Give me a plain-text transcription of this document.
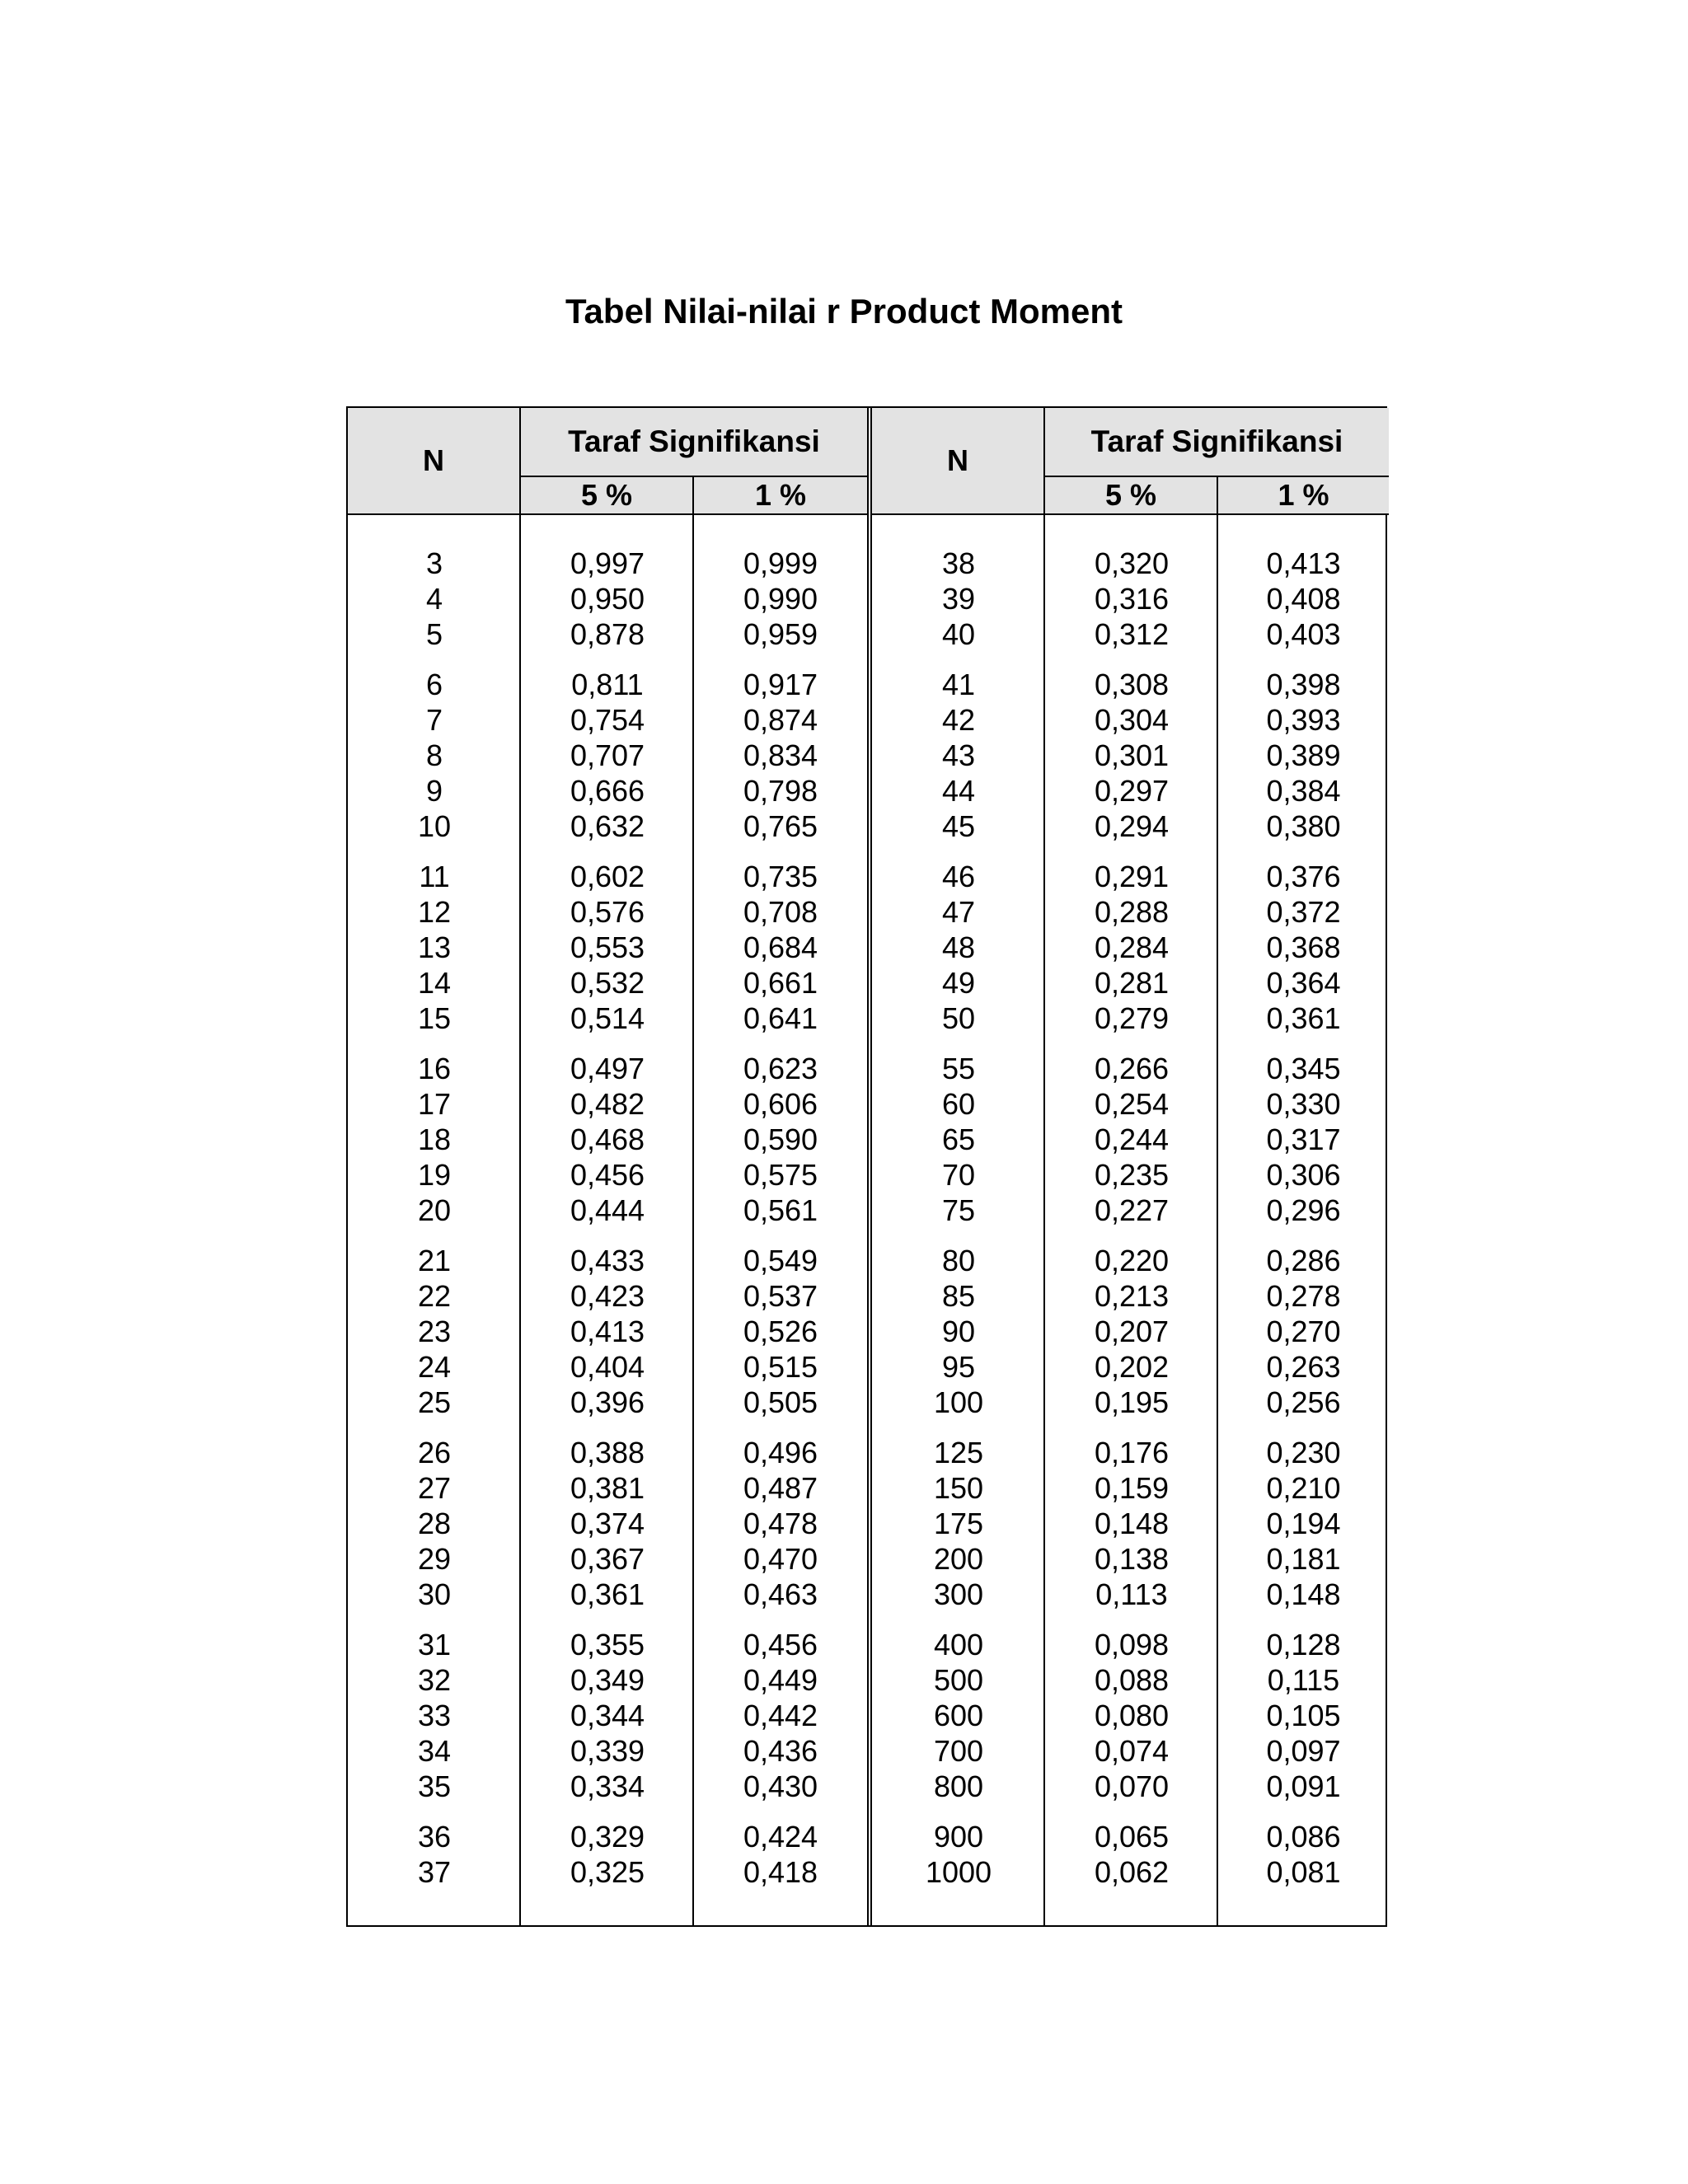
Tabel Nilai-nilai r Product Moment
N
Taraf Signifikansi
5 %	1 %
3	0,997	0,999
4	0,950	0,990
5	0,878	0,959
6	0,811	0,917
7	0,754	0,874
8	0,707	0,834
9	0,666	0,798
10	0,632	0,765
11	0,602	0,735
12	0,576	0,708
13	0,553	0,684
14	0,532	0,661
15	0,514	0,641
16	0,497	0,623
17	0,482	0,606
18	0,468	0,590
19	0,456	0,575
20	0,444	0,561
21	0,433	0,549
22	0,423	0,537
23	0,413	0,526
24	0,404	0,515
25	0,396	0,505
26	0,388	0,496
27	0,381	0,487
28	0,374	0,478
29	0,367	0,470
30	0,361	0,463
31	0,355	0,456
32	0,349	0,449
33	0,344	0,442
34	0,339	0,436
35	0,334	0,430
36	0,329	0,424
37	0,325	0,418
N
Taraf Signifikansi
5 %	1 %
38	0,320	0,413
39	0,316	0,408
40	0,312	0,403
41	0,308	0,398
42	0,304	0,393
43	0,301	0,389
44	0,297	0,384
45	0,294	0,380
46	0,291	0,376
47	0,288	0,372
48	0,284	0,368
49	0,281	0,364
50	0,279	0,361
55	0,266	0,345
60	0,254	0,330
65	0,244	0,317
70	0,235	0,306
75	0,227	0,296
80	0,220	0,286
85	0,213	0,278
90	0,207	0,270
95	0,202	0,263
100	0,195	0,256
125	0,176	0,230
150	0,159	0,210
175	0,148	0,194
200	0,138	0,181
300	0,113	0,148
400	0,098	0,128
500	0,088	0,115
600	0,080	0,105
700	0,074	0,097
800	0,070	0,091
900	0,065	0,086
1000	0,062	0,081
